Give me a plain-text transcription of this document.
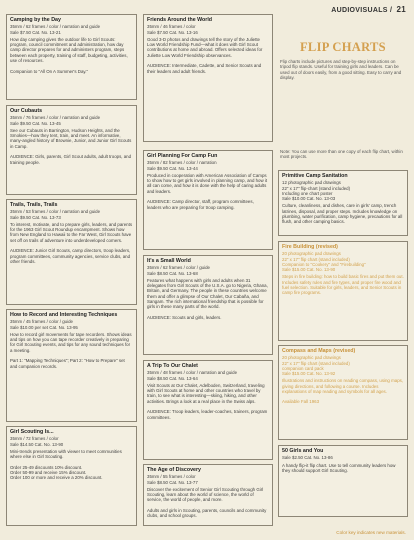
AUDIOVISUALS / 21
Camping by the Day
35mm / 62 frames / color / narration and guide
Sale $7.50 Cat. No. 13-21
How day camping gives the outdoor life to Girl Scouts: program, council commitment and administration, how day camp director prepares for and administers program, steps between each property, training of staff, budgeting, activities, use of resources.

Companion to "All On A Summer's Day."
Our Cubauts
35mm / 76 frames / color / narration and guide
Sale $9.50 Cat. No. 13-45
See our Cubauts in Barrington, Hudson Heights, and the Smokies—how they tent, train, and meet. An informative, many-angled history of Brownie, Junior, and Junior Girl Scouts in Camp.

AUDIENCE: Girls, parents, Girl Scout adults, adult troops, and training people.
Trails, Trails, Trails
35mm / 53 frames / color / narration and guide
Sale $9.50 Cat. No. 13-73
To interest, motivate, and to prepare girls, leaders, and parents for the 1963 Girl Scout Roundup encampment. Shows how from New England to Hawaii to the Far West, Girl Scouts have set off on trails of adventure into underdeveloped corners.

AUDIENCE: Junior Girl Scouts, camp directors, troop leaders, program committees, community agencies, service clubs, and other friends.
How to Record and Interesting Techniques
35mm / 45 frames / color / guide
Sale $10.00 per set Cat. No. 13-95
How to record girl movements for tape recorders. Shows ideas and tips on how you can tape recorder creatively in preparing for Girl Scouting events, and tips for any sound techniques for a meeting.

Part 1: "Mapping Techniques"; Part 2: "How to Prepare" set and companion records.
Girl Scouting Is...
35mm / 72 frames / color
Sale $14.50 Cat. No. 13-90
Mini-trends presentation with viewer to meet communities where else in Girl Scouting.

Order 25-49 discounts 10% discount.
Order 50-99 and receive 15% discount.
Order 100 or more and receive a 20% discount.
Friends Around the World
35mm / 46 frames / color
Sale $7.50 Cat. No. 13-16
Good 3-D photos and drawings tell the story of the Juliette Low World Friendship Fund—what it does with Girl Scout contributions at home and abroad. Offers selected ideas for Juliette Low World Friendship observances.

AUDIENCE: Intermediate, Cadette, and Senior Scouts and their leaders and adult friends.
Girl Planning For Camp Fun
35mm / 82 frames / color / narration
Sale $9.50 Cat. No. 13-44
Produced in cooperation with American Association of Camps to show how to get girls involved in planning camp, and how it all can come, and how it is done with the help of caring adults and leaders.

AUDIENCE: Camp director, staff, program committees, leaders who are preparing for troop camping.
It's a Small World
35mm / 62 frames / color / guide
Sale $8.50 Cat. No. 13-68
Features what happens with girls and adults when 31 delegates from Girl Scouts of the U.S.A. go to Nigeria, Ghana, Britain, and Germany. The people in these countries welcome them and offer a glimpse of Our Chalet, Our Cabaña, and Sangam. The rich international friendship that is possible for girls in these many parts of the world.

AUDIENCE: Scouts and girls, leaders.
A Trip To Our Chalet
35mm / 48 frames / color / narration and guide
Sale $8.50 Cat. No. 13-64
Visit Scouts at Our Chalet, Adelboden, Switzerland, traveling with Girl Scouts at home and other countries who travel by train, to see what is interesting—skiing, hiking, and other activities. Brings a look at a real place in the Swiss alps.

AUDIENCE: Troop leaders, leader-coaches, trainers, program committees.
The Age of Discovery
35mm / 55 frames / color
Sale $8.50 Cat. No. 13-77
Discover the excitement of Senior Girl Scouting through Girl Scouting, learn about the world of science, the world of service, the world of people, and more.

Adults and girls in Scouting, parents, councils and community clubs, and school groups.
FLIP CHARTS
Flip charts include pictures and step-by-step instructions on tripod flip stands. Useful for training girls and leaders. Can be used out of doors easily, from a good sitting. Easy to carry and display.
Note: You can use more than one copy of each flip chart, within most projects.
Primitive Camp Sanitation
12 photographic pad drawings
22" x 17" flip-chart (stand included)
Including one chart poster
Sale $10.00 Cat. No. 13-03
Culture, cleanliness, and dishes, care in girls' camp, trench latrines, disposal, and proper steps. Includes knowledge on plumbing, water purification, camp hygiene, precautions for all flush, and other camping basics.
Fire Building (revised)
20 photographic pad drawings
22" x 17" flip chart (stand included)
Companion to "Cookery" and "Firebuilding"
Sale $15.00 Cat. No. 13-90
Steps in fire building: how to build basic fires and put them out. Includes safety rules and fire types, and proper fire wood and fuel selection. Suitable for girls, leaders, and Senior Scouts in camp fire programs.
Compass and Maps (revised)
20 photographic pad drawings
22" x 17" flip chart (stand included)
companion card pack
Sale $15.00 Cat. No. 13-92
Illustrations and instructions on reading compass, using maps, giving directions, and following a course. Includes explanations of map reading and symbols for all ages.

Available Fall 1963
50 Girls and You
Sale $2.50 Cat. No. 13-86
A handy flip-it flip chart. Use to tell community leaders how they should support Girl Scouting.
Color key indicates new materials.
